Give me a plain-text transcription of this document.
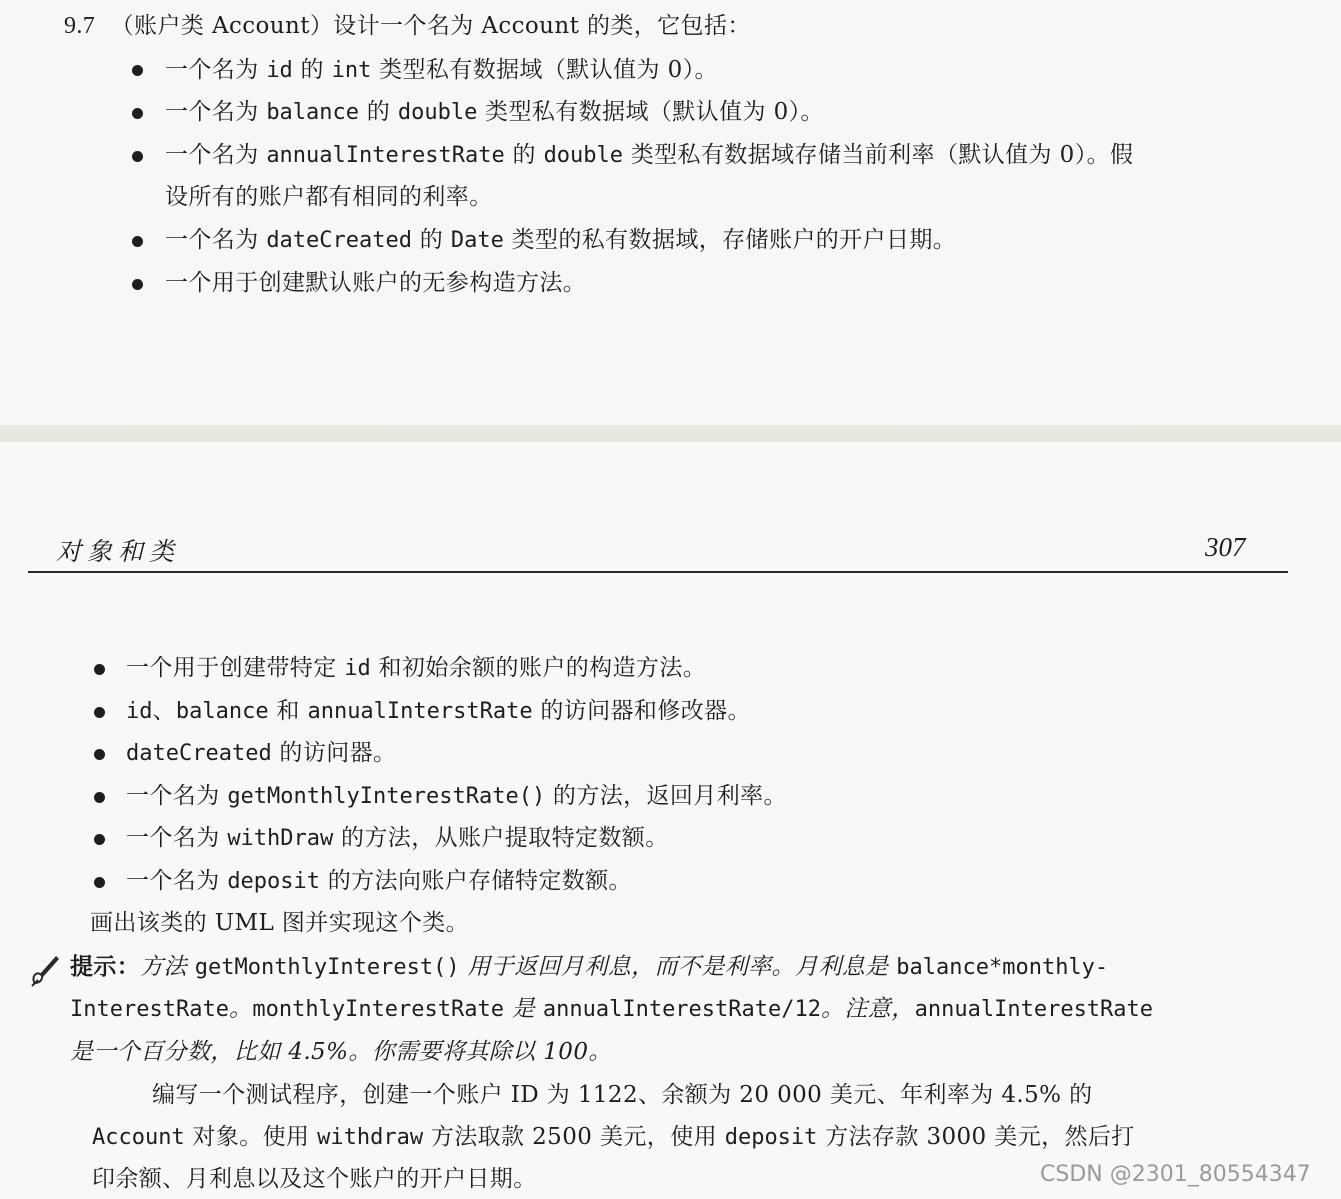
9.7 （账户类 Account）设计一个名为 Account 的类，它包括：
一个名为 id 的 int 类型私有数据域（默认值为 0）。
一个名为 balance 的 double 类型私有数据域（默认值为 0）。
一个名为 annualInterestRate 的 double 类型私有数据域存储当前利率（默认值为 0）。假
设所有的账户都有相同的利率。
一个名为 dateCreated 的 Date 类型的私有数据域，存储账户的开户日期。
一个用于创建默认账户的无参构造方法。
对象和类	307
一个用于创建带特定 id 和初始余额的账户的构造方法。
id、balance 和 annualInterstRate 的访问器和修改器。
dateCreated 的访问器。
一个名为 getMonthlyInterestRate() 的方法，返回月利率。
一个名为 withDraw 的方法，从账户提取特定数额。
一个名为 deposit 的方法向账户存储特定数额。
画出该类的 UML 图并实现这个类。
提示：方法 getMonthlyInterest() 用于返回月利息，而不是利率。月利息是 balance*monthly-
InterestRate。monthlyInterestRate 是 annualInterestRate/12。注意，annualInterestRate
是一个百分数，比如 4.5%。你需要将其除以 100。
编写一个测试程序，创建一个账户 ID 为 1122、余额为 20 000 美元、年利率为 4.5% 的
Account 对象。使用 withdraw 方法取款 2500 美元，使用 deposit 方法存款 3000 美元，然后打
印余额、月利息以及这个账户的开户日期。	CSDN @2301_80554347
